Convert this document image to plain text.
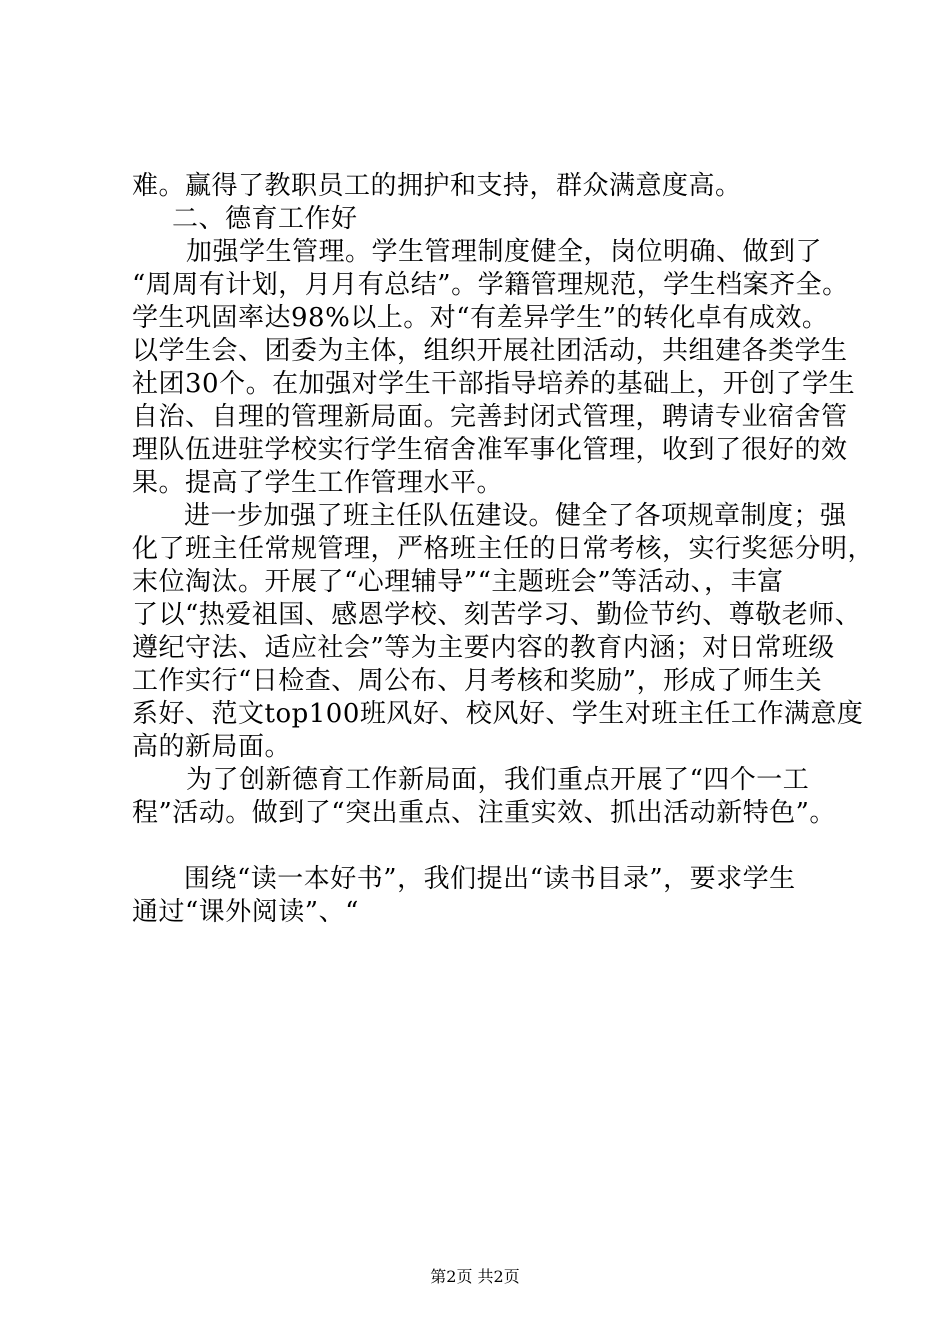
难。赢得了教职员工的拥护和支持，群众满意度高。
二、德育工作好
加强学生管理。学生管理制度健全，岗位明确、做到了
“周周有计划，月月有总结”。学籍管理规范，学生档案齐全。
学生巩固率达98%以上。对“有差异学生”的转化卓有成效。
以学生会、团委为主体，组织开展社团活动，共组建各类学生
社团30个。在加强对学生干部指导培养的基础上，开创了学生
自治、自理的管理新局面。完善封闭式管理，聘请专业宿舍管
理队伍进驻学校实行学生宿舍准军事化管理，收到了很好的效
果。提高了学生工作管理水平。
进一步加强了班主任队伍建设。健全了各项规章制度；强
化了班主任常规管理，严格班主任的日常考核，实行奖惩分明，
末位淘汰。开展了“心理辅导”“主题班会”等活动、，丰富
了以“热爱祖国、感恩学校、刻苦学习、勤俭节约、尊敬老师、
遵纪守法、适应社会”等为主要内容的教育内涵；对日常班级
工作实行“日检查、周公布、月考核和奖励”，形成了师生关
系好、范文top100班风好、校风好、学生对班主任工作满意度
高的新局面。
为了创新德育工作新局面，我们重点开展了“四个一工
程”活动。做到了“突出重点、注重实效、抓出活动新特色”。
围绕“读一本好书”，我们提出“读书目录”，要求学生
通过“课外阅读”、“
第2页 共2页
